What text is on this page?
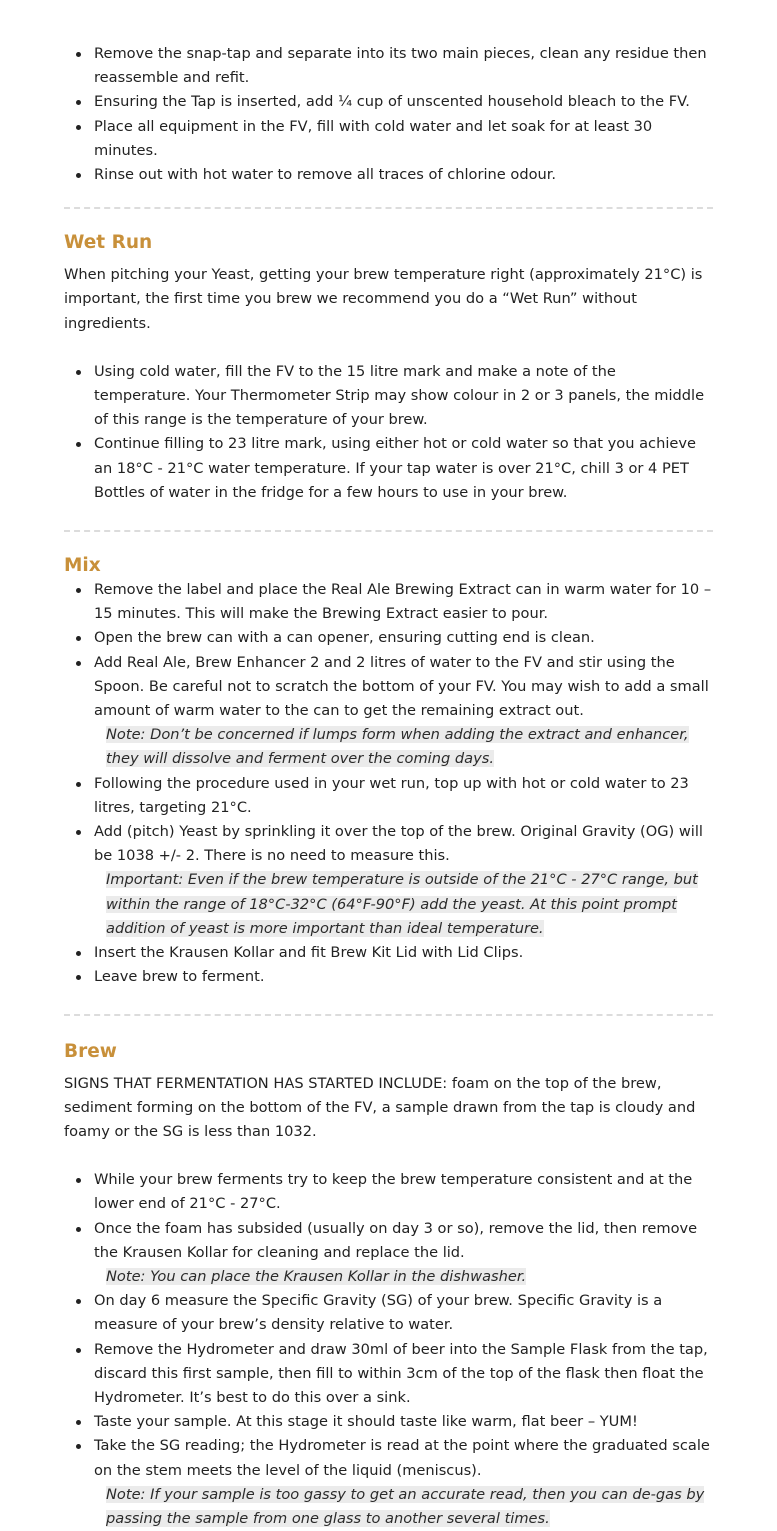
Remove the snap-tap and separate into its two main pieces, clean any residue then reassemble and refit.
Ensuring the Tap is inserted, add ¼ cup of unscented household bleach to the FV.
Place all equipment in the FV, fill with cold water and let soak for at least 30 minutes.
Rinse out with hot water to remove all traces of chlorine odour.
Wet Run

When pitching your Yeast, getting your brew temperature right (approximately 21°C) is important, the first time you brew we recommend you do a “Wet Run” without ingredients.

Using cold water, fill the FV to the 15 litre mark and make a note of the temperature. Your Thermometer Strip may show colour in 2 or 3 panels, the middle of this range is the temperature of your brew.
Continue filling to 23 litre mark, using either hot or cold water so that you achieve an 18°C - 21°C water temperature. If your tap water is over 21°C, chill 3 or 4 PET Bottles of water in the fridge for a few hours to use in your brew.
Mix
Remove the label and place the Real Ale Brewing Extract can in warm water for 10 – 15 minutes. This will make the Brewing Extract easier to pour.
Open the brew can with a can opener, ensuring cutting end is clean.
Add Real Ale, Brew Enhancer 2 and 2 litres of water to the FV and stir using the Spoon. Be careful not to scratch the bottom of your FV. You may wish to add a small amount of warm water to the can to get the remaining extract out.
Note: Don’t be concerned if lumps form when adding the extract and enhancer, they will dissolve and ferment over the coming days.
Following the procedure used in your wet run, top up with hot or cold water to 23 litres, targeting 21°C.
Add (pitch) Yeast by sprinkling it over the top of the brew. Original Gravity (OG) will be 1038 +/- 2. There is no need to measure this.
Important: Even if the brew temperature is outside of the 21°C - 27°C range, but within the range of 18°C-32°C (64°F-90°F) add the yeast. At this point prompt addition of yeast is more important than ideal temperature.
Insert the Krausen Kollar and fit Brew Kit Lid with Lid Clips.
Leave brew to ferment.
Brew

SIGNS THAT FERMENTATION HAS STARTED INCLUDE: foam on the top of the brew, sediment forming on the bottom of the FV, a sample drawn from the tap is cloudy and foamy or the SG is less than 1032.

While your brew ferments try to keep the brew temperature consistent and at the lower end of 21°C - 27°C.
Once the foam has subsided (usually on day 3 or so), remove the lid, then remove the Krausen Kollar for cleaning and replace the lid.
Note: You can place the Krausen Kollar in the dishwasher.
On day 6 measure the Specific Gravity (SG) of your brew. Specific Gravity is a measure of your brew’s density relative to water.
Remove the Hydrometer and draw 30ml of beer into the Sample Flask from the tap, discard this first sample, then fill to within 3cm of the top of the flask then float the Hydrometer. It’s best to do this over a sink.
Taste your sample. At this stage it should taste like warm, flat beer – YUM!
Take the SG reading; the Hydrometer is read at the point where the graduated scale on the stem meets the level of the liquid (meniscus).
Note: If your sample is too gassy to get an accurate read, then you can de-gas by passing the sample from one glass to another several times.
